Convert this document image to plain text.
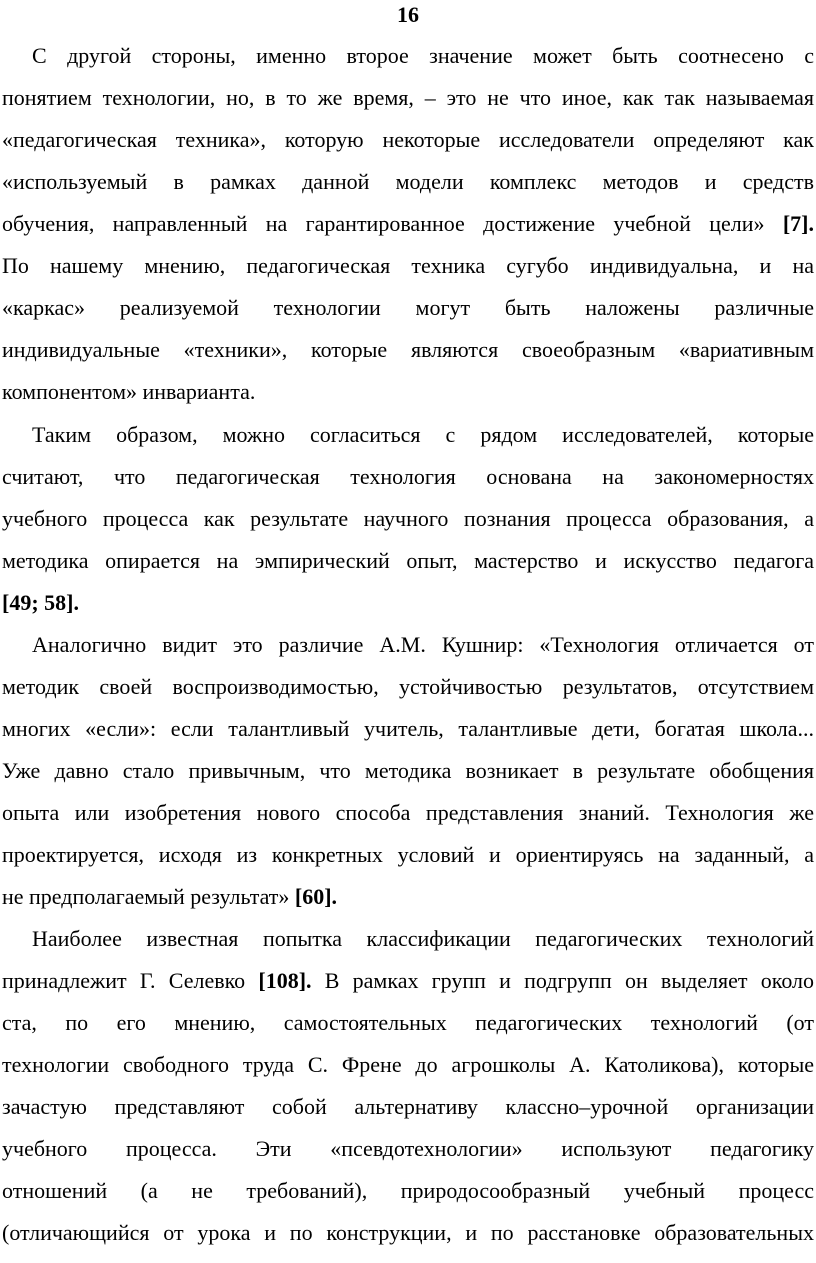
16
С другой стороны, именно второе значение может быть соотнесено с
понятием технологии, но, в то же время, – это не что иное, как так называемая
«педагогическая техника», которую некоторые исследователи определяют как
«используемый в рамках данной модели комплекс методов и средств
обучения, направленный на гарантированное достижение учебной цели» [7].
По нашему мнению, педагогическая техника сугубо индивидуальна, и на
«каркас» реализуемой технологии могут быть наложены различные
индивидуальные «техники», которые являются своеобразным «вариативным
компонентом» инварианта.
Таким образом, можно согласиться с рядом исследователей, которые
считают, что педагогическая технология основана на закономерностях
учебного процесса как результате научного познания процесса образования, а
методика опирается на эмпирический опыт, мастерство и искусство педагога
[49; 58].
Аналогично видит это различие А.М. Кушнир: «Технология отличается от
методик своей воспроизводимостью, устойчивостью результатов, отсутствием
многих «если»: если талантливый учитель, талантливые дети, богатая школа...
Уже давно стало привычным, что методика возникает в результате обобщения
опыта или изобретения нового способа представления знаний. Технология же
проектируется, исходя из конкретных условий и ориентируясь на заданный, а
не предполагаемый результат» [60].
Наиболее известная попытка классификации педагогических технологий
принадлежит Г. Селевко [108]. В рамках групп и подгрупп он выделяет около
ста, по его мнению, самостоятельных педагогических технологий (от
технологии свободного труда С. Френе до агрошколы А. Католикова), которые
зачастую представляют собой альтернативу классно–урочной организации
учебного процесса. Эти «псевдотехнологии» используют педагогику
отношений (а не требований), природосообразный учебный процесс
(отличающийся от урока и по конструкции, и по расстановке образовательных
